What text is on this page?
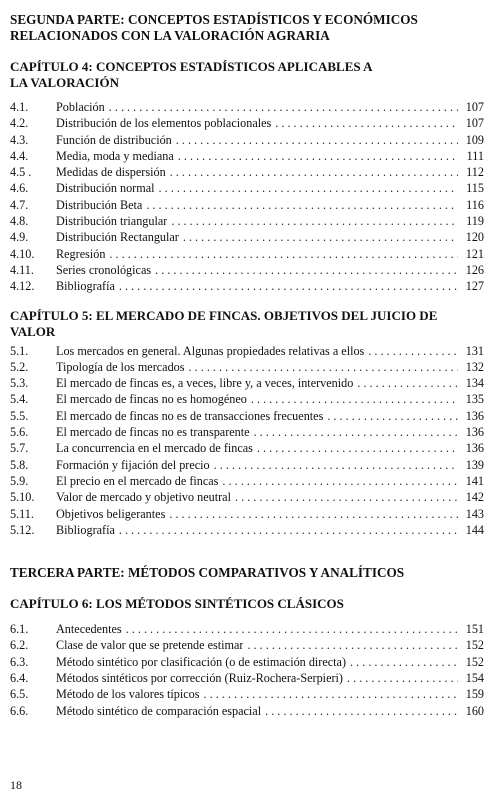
SEGUNDA PARTE: CONCEPTOS ESTADÍSTICOS Y ECONÓMICOS RELACIONADOS CON LA VALORACIÓN AGRARIA
CAPÍTULO 4: CONCEPTOS ESTADÍSTICOS APLICABLES A LA VALORACIÓN
4.1.	Población . . .	107
4.2.	Distribución de los elementos poblacionales . . .	107
4.3.	Función de distribución . . .	109
4.4.	Media, moda y mediana . . .	111
4.5 .	Medidas de dispersión . . .	112
4.6.	Distribución normal . . .	115
4.7.	Distribución Beta . . .	116
4.8.	Distribución triangular . . .	119
4.9.	Distribución Rectangular . . .	120
4.10.	Regresión . . .	121
4.11.	Series cronológicas . . .	126
4.12.	Bibliografía . . .	127
CAPÍTULO 5: EL MERCADO DE FINCAS. OBJETIVOS DEL JUICIO DE VALOR
5.1.	Los mercados en general. Algunas propiedades relativas a ellos . . .	131
5.2.	Tipología de los mercados . . .	132
5.3.	El mercado de fincas es, a veces, libre y, a veces, intervenido . . .	134
5.4.	El mercado de fincas no es homogéneo . . .	135
5.5.	El mercado de fincas no es de transacciones frecuentes . . .	136
5.6.	El mercado de fincas no es transparente . . .	136
5.7.	La concurrencia en el mercado de fincas . . .	136
5.8.	Formación y fijación del precio . . .	139
5.9.	El precio en el mercado de fincas . . .	141
5.10.	Valor de mercado y objetivo neutral . . .	142
5.11.	Objetivos beligerantes . . .	143
5.12.	Bibliografía . . .	144
TERCERA PARTE: MÉTODOS COMPARATIVOS Y ANALÍTICOS
CAPÍTULO 6: LOS MÉTODOS SINTÉTICOS CLÁSICOS
6.1.	Antecedentes . . .	151
6.2.	Clase de valor que se pretende estimar . . .	152
6.3.	Método sintético por clasificación (o de estimación directa) . . .	152
6.4.	Métodos sintéticos por corrección (Ruiz-Rochera-Serpieri) . . .	154
6.5.	Método de los valores típicos . . .	159
6.6.	Método sintético de comparación espacial . . .	160
18
